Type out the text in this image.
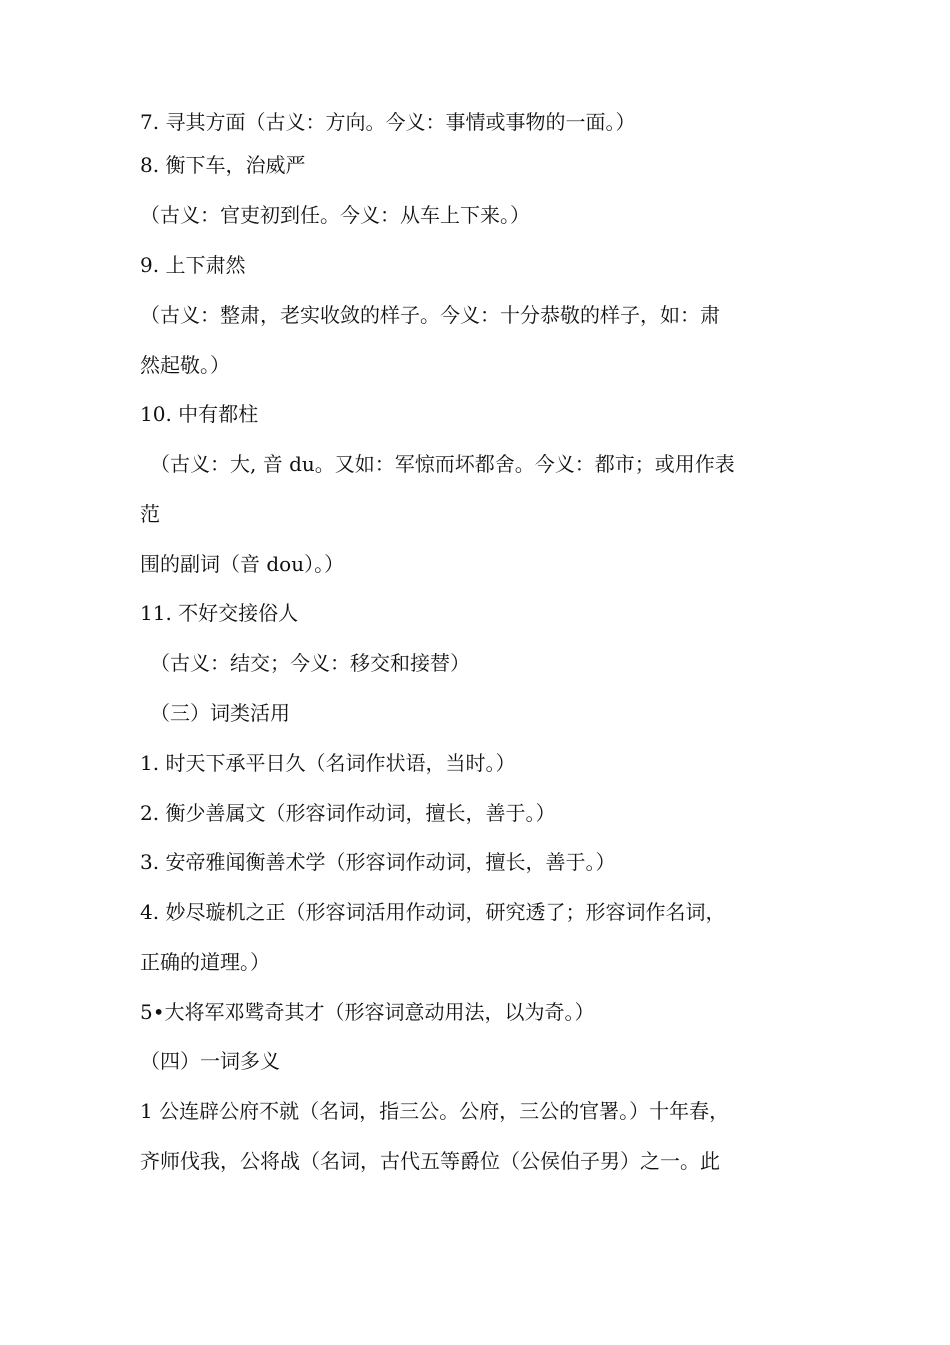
7. 寻其方面（古义：方向。今义：事情或事物的一面。）
8. 衡下车，治威严
（古义：官吏初到任。今义：从车上下来。）
9. 上下肃然
（古义：整肃，老实收敛的样子。今义：十分恭敬的样子，如：肃
然起敬。）
10. 中有都柱
（古义：大, 音 du。又如：军惊而坏都舍。今义：都市；或用作表
范
围的副词（音 dou）。）
11. 不好交接俗人
（古义：结交；今义：移交和接替）
（三）词类活用
1. 时天下承平日久（名词作状语，当时。）
2. 衡少善属文（形容词作动词，擅长，善于。）
3. 安帝雅闻衡善术学（形容词作动词，擅长，善于。）
4. 妙尽璇机之正（形容词活用作动词，研究透了；形容词作名词，
正确的道理。）
5•大将军邓骘奇其才（形容词意动用法，以为奇。）
（四）一词多义
1 公连辟公府不就（名词，指三公。公府，三公的官署。）十年春，
齐师伐我，公将战（名词，古代五等爵位（公侯伯子男）之一。此
